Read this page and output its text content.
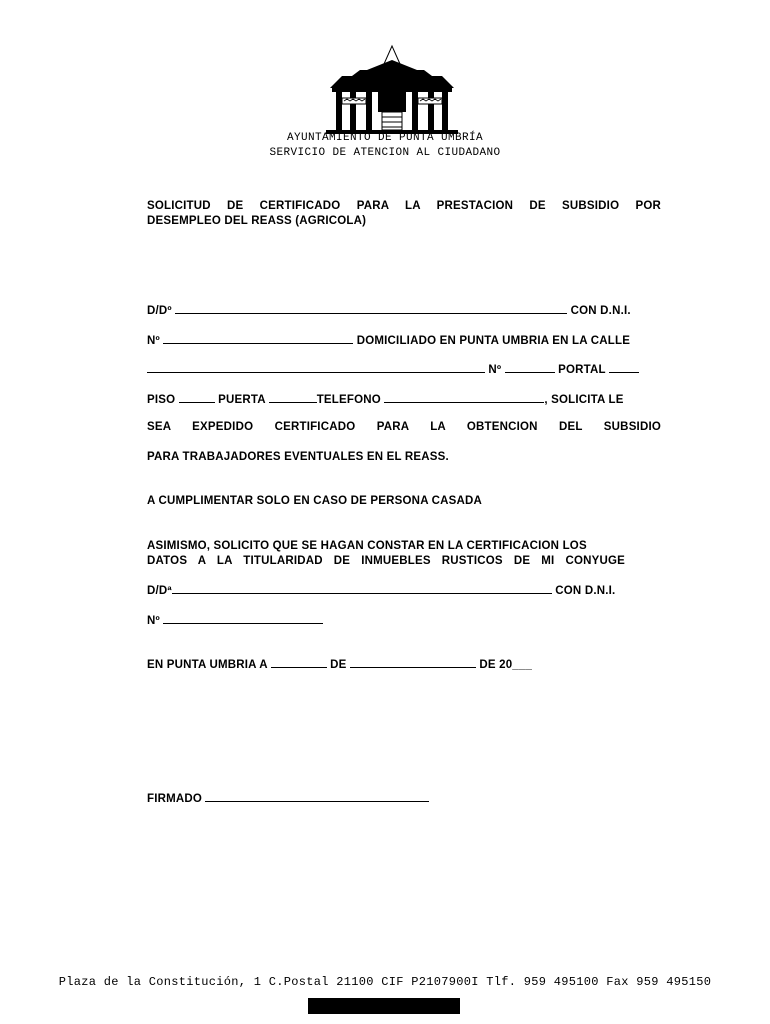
AYUNTAMIENTO DE PUNTA UMBRÍA
SERVICIO DE ATENCION AL CIUDADANO
SOLICITUD DE CERTIFICADO PARA LA PRESTACION DE SUBSIDIO POR
DESEMPLEO DEL REASS (AGRICOLA)
D/Dº	CON D.N.I.
Nº	DOMICILIADO EN PUNTA UMBRIA EN LA CALLE
Nº	PORTAL
PISO	PUERTA	TELEFONO	, SOLICITA LE
SEA EXPEDIDO CERTIFICADO PARA LA OBTENCION DEL SUBSIDIO
PARA TRABAJADORES EVENTUALES EN EL REASS.
A CUMPLIMENTAR SOLO EN CASO DE PERSONA CASADA
ASIMISMO, SOLICITO QUE SE HAGAN CONSTAR EN LA CERTIFICACION LOS
DATOS A LA TITULARIDAD DE INMUEBLES RUSTICOS DE MI CONYUGE
D/Dª	CON D.N.I.
Nº
EN PUNTA UMBRIA A	DE	DE 20___
FIRMADO
Plaza de la Constitución, 1 C.Postal 21100 CIF P2107900I Tlf. 959 495100 Fax 959 495150
